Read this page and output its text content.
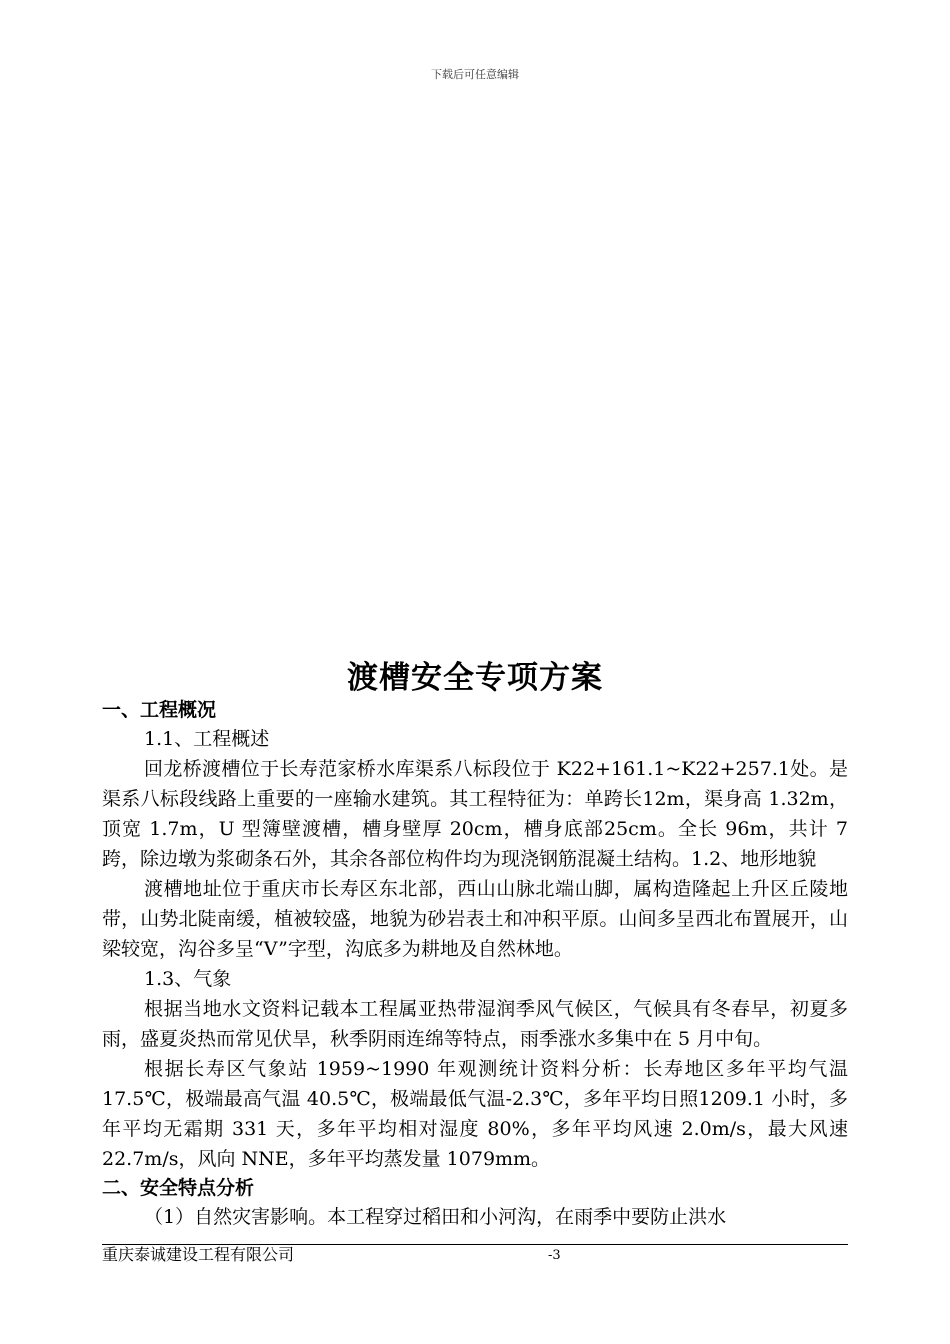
下载后可任意编辑
渡槽安全专项方案
一、工程概况
1.1、工程概述
回龙桥渡槽位于长寿范家桥水库渠系八标段位于 K22+161.1~K22+257.1处。是渠系八标段线路上重要的一座输水建筑。其工程特征为：单跨长12m，渠身高 1.32m，顶宽 1.7m，U 型簿壁渡槽，槽身壁厚 20cm，槽身底部25cm。全长 96m，共计 7 跨，除边墩为浆砌条石外，其余各部位构件均为现浇钢筋混凝土结构。1.2、地形地貌
渡槽地址位于重庆市长寿区东北部，西山山脉北端山脚，属构造隆起上升区丘陵地带，山势北陡南缓，植被较盛，地貌为砂岩表土和冲积平原。山间多呈西北布置展开，山梁较宽，沟谷多呈“V”字型，沟底多为耕地及自然林地。
1.3、气象
根据当地水文资料记载本工程属亚热带湿润季风气候区，气候具有冬春早，初夏多雨，盛夏炎热而常见伏旱，秋季阴雨连绵等特点，雨季涨水多集中在 5 月中旬。
根据长寿区气象站 1959~1990 年观测统计资料分析：长寿地区多年平均气温 17.5℃，极端最高气温 40.5℃，极端最低气温-2.3℃，多年平均日照1209.1 小时，多年平均无霜期 331 天，多年平均相对湿度 80%，多年平均风速 2.0m/s，最大风速 22.7m/s，风向 NNE，多年平均蒸发量 1079mm。
二、安全特点分析
（1）自然灾害影响。本工程穿过稻田和小河沟，在雨季中要防止洪水
重庆泰诚建设工程有限公司	-3
